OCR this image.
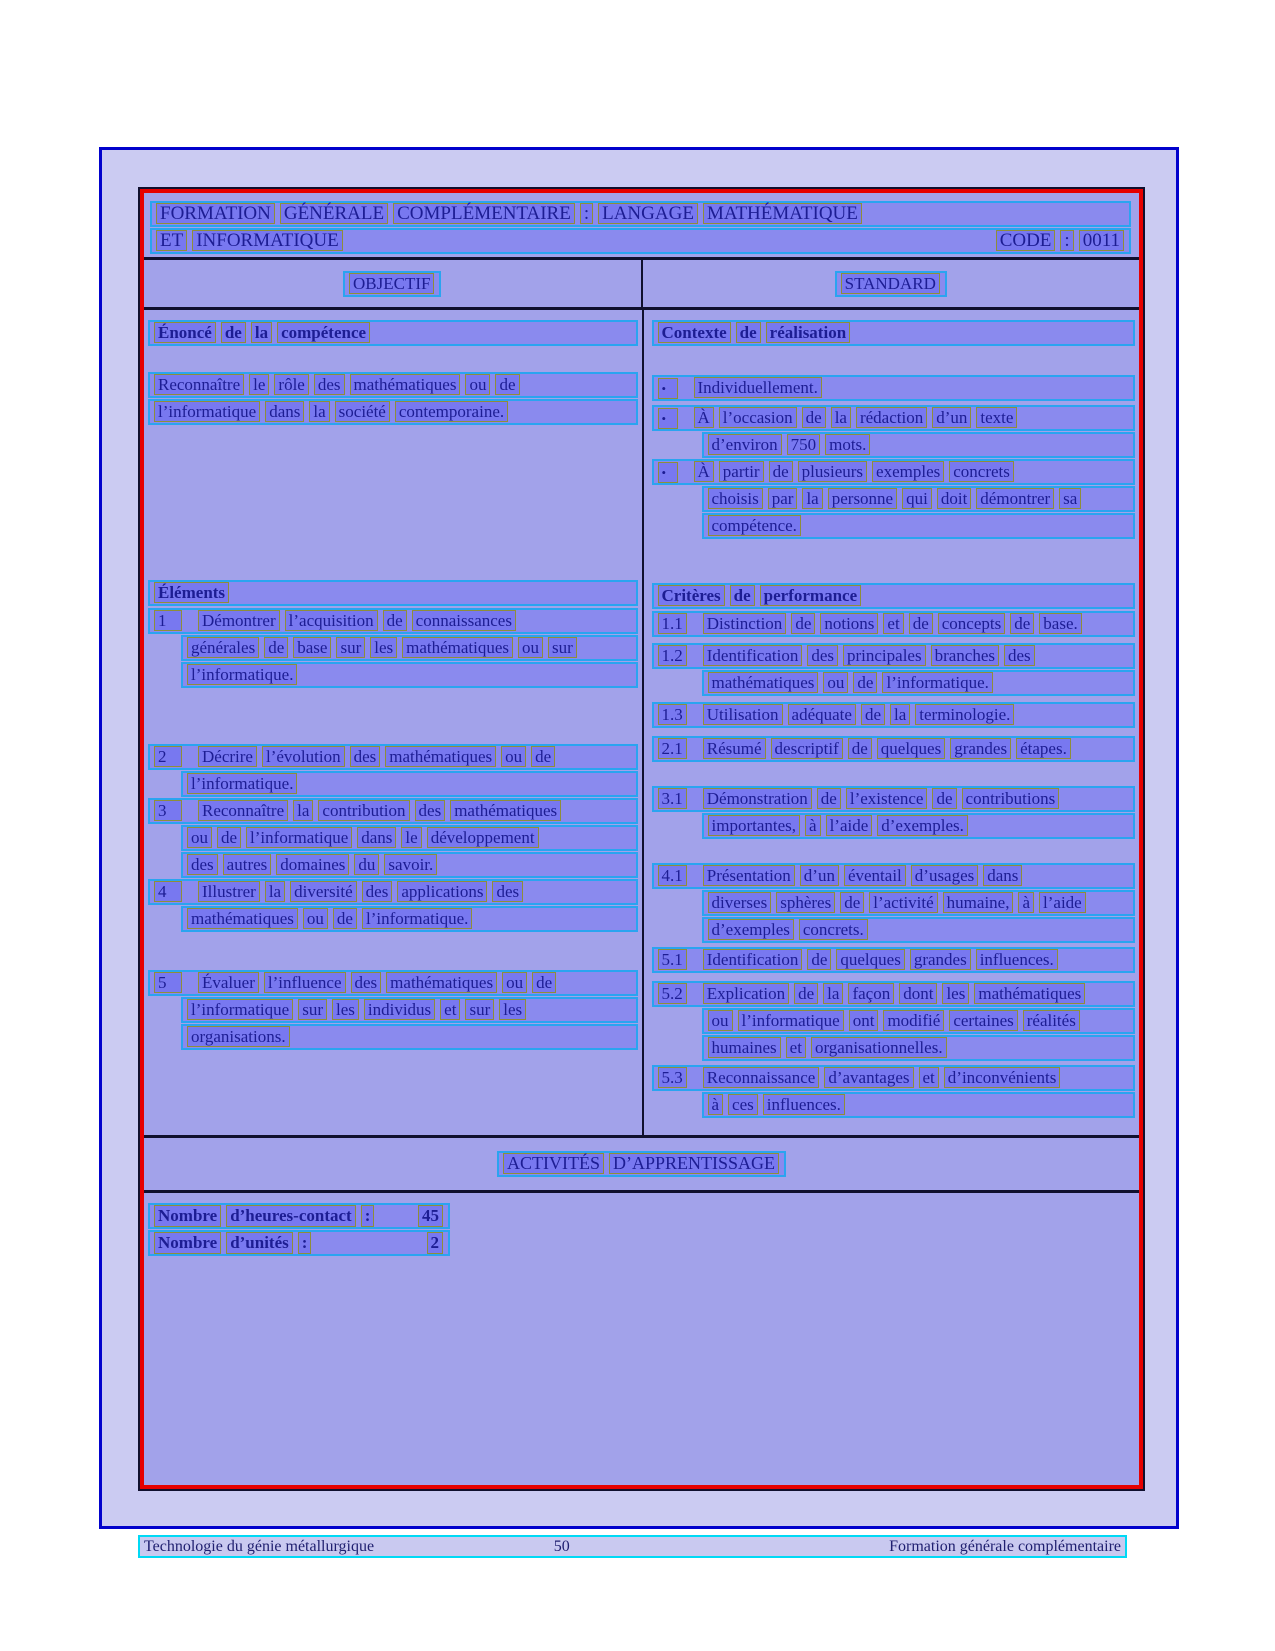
FORMATION GÉNÉRALE COMPLÉMENTAIRE : LANGAGE MATHÉMATIQUE
ET INFORMATIQUE	CODE : 0011
OBJECTIF	STANDARD
Énoncé de la compétence
Reconnaître le rôle des mathématiques ou de
l’informatique dans la société contemporaine.
Éléments
1 Démontrer l’acquisition de connaissances
générales de base sur les mathématiques ou sur
l’informatique.
2 Décrire l’évolution des mathématiques ou de
l’informatique.
3 Reconnaître la contribution des mathématiques
ou de l’informatique dans le développement
des autres domaines du savoir.
4 Illustrer la diversité des applications des
mathématiques ou de l’informatique.
5 Évaluer l’influence des mathématiques ou de
l’informatique sur les individus et sur les
organisations.
Contexte de réalisation
• Individuellement.
• À l’occasion de la rédaction d’un texte
d’environ 750 mots.
• À partir de plusieurs exemples concrets
choisis par la personne qui doit démontrer sa
compétence.
Critères de performance
1.1 Distinction de notions et de concepts de base.
1.2 Identification des principales branches des
mathématiques ou de l’informatique.
1.3 Utilisation adéquate de la terminologie.
2.1 Résumé descriptif de quelques grandes étapes.
3.1 Démonstration de l’existence de contributions
importantes, à l’aide d’exemples.
4.1 Présentation d’un éventail d’usages dans
diverses sphères de l’activité humaine, à l’aide
d’exemples concrets.
5.1 Identification de quelques grandes influences.
5.2 Explication de la façon dont les mathématiques
ou l’informatique ont modifié certaines réalités
humaines et organisationnelles.
5.3 Reconnaissance d’avantages et d’inconvénients
à ces influences.
ACTIVITÉS D’APPRENTISSAGE
Nombre d’heures-contact :	45
Nombre d’unités :	2
Technologie du génie métallurgique	50	Formation générale complémentaire
